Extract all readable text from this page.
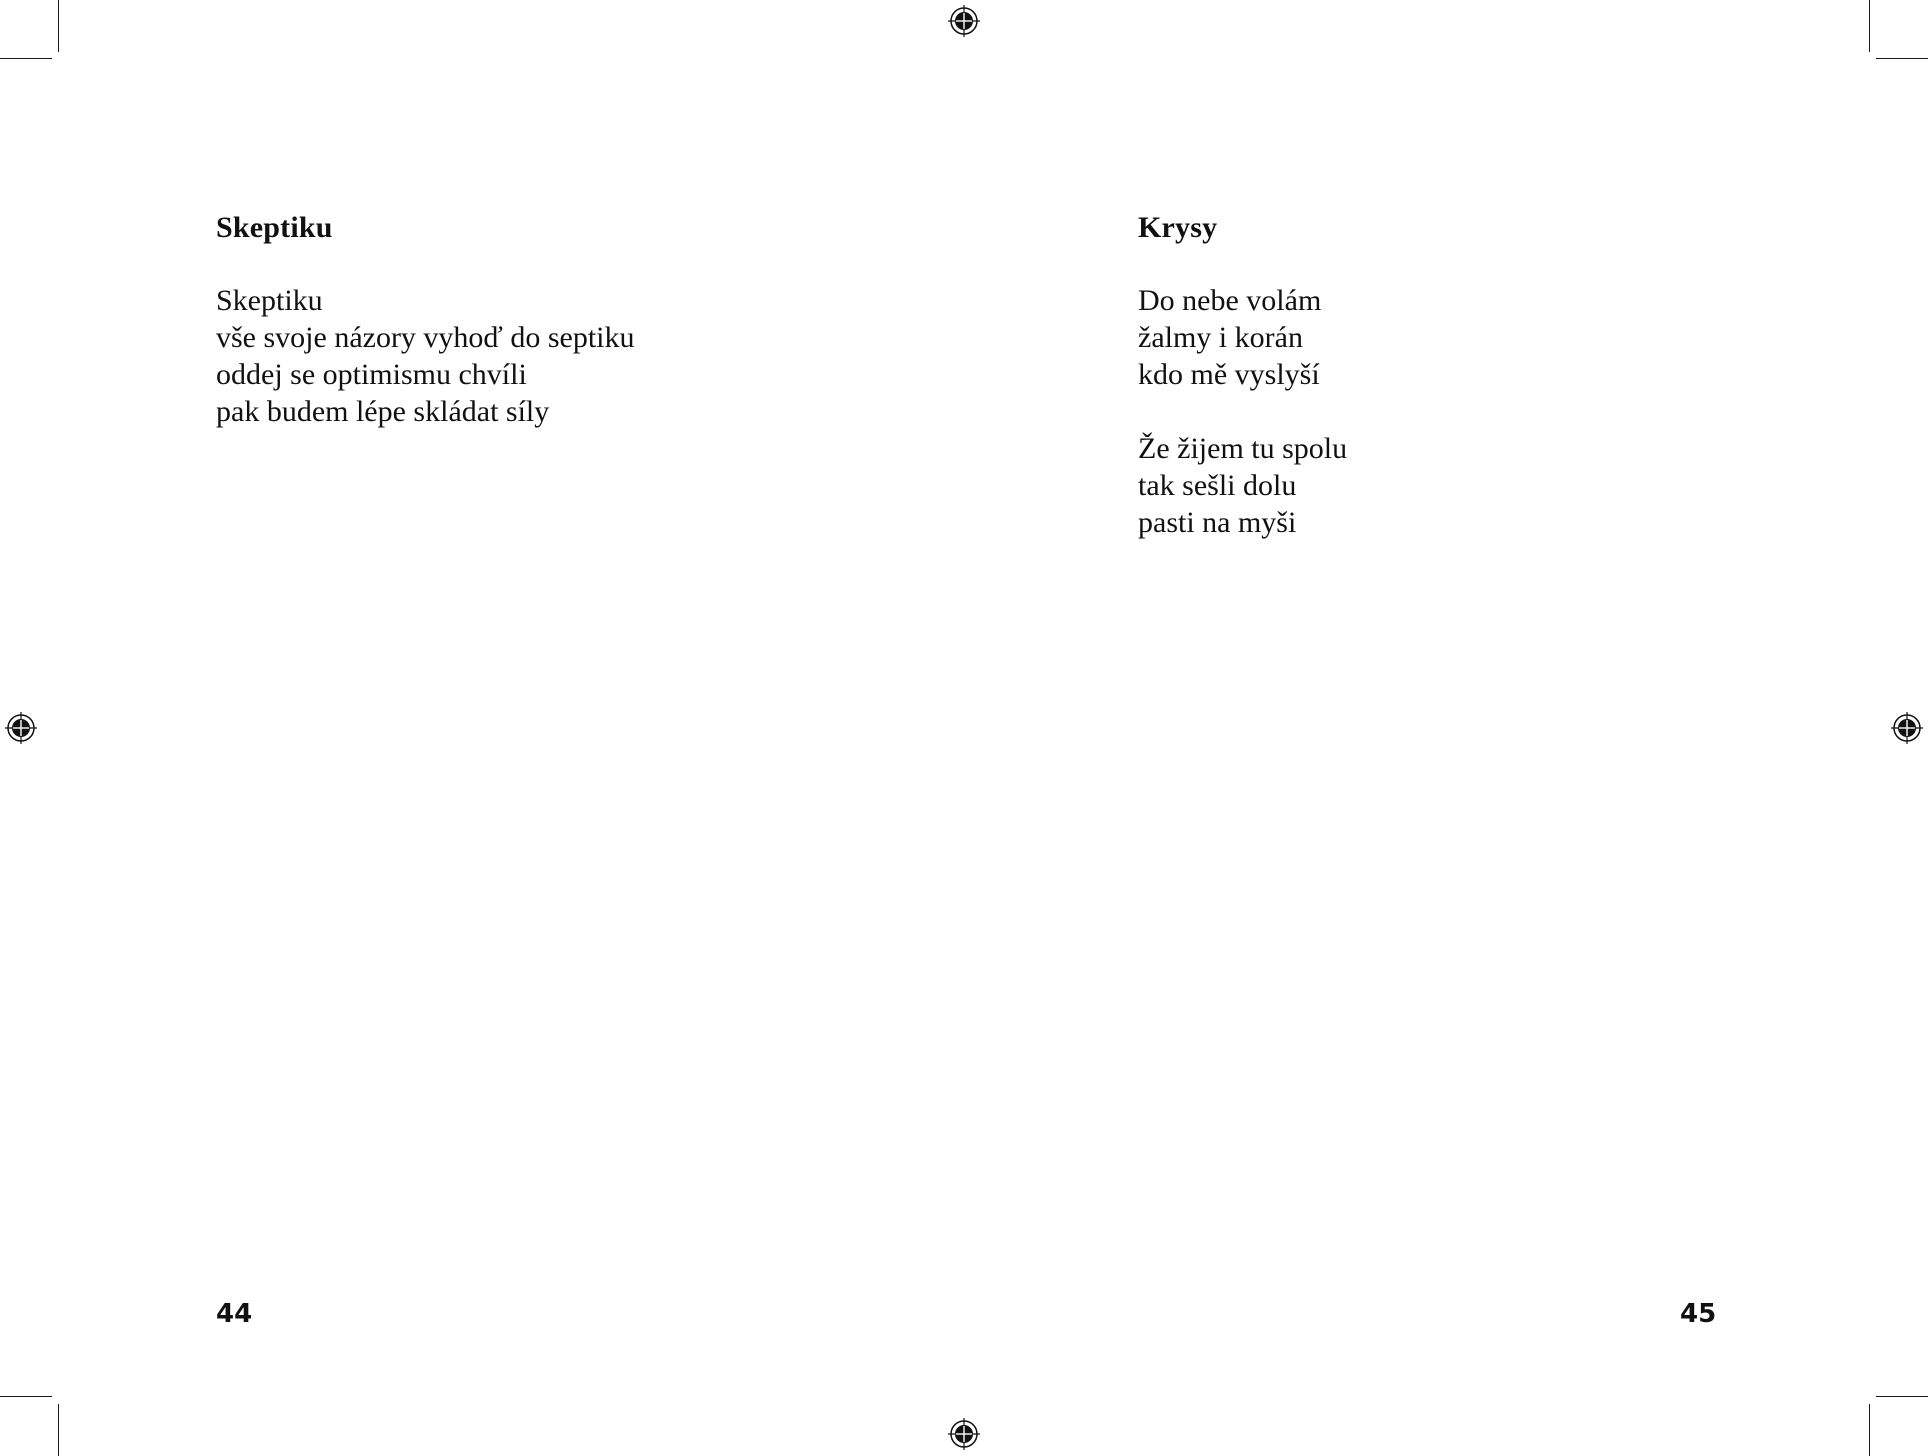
Skeptiku
Skeptiku
vše svoje názory vyhoď do septiku
oddej se optimismu chvíli
pak budem lépe skládat síly
Krysy
Do nebe volám
žalmy i korán
kdo mě vyslyší
Že žijem tu spolu
tak sešli dolu
pasti na myši
44	45
